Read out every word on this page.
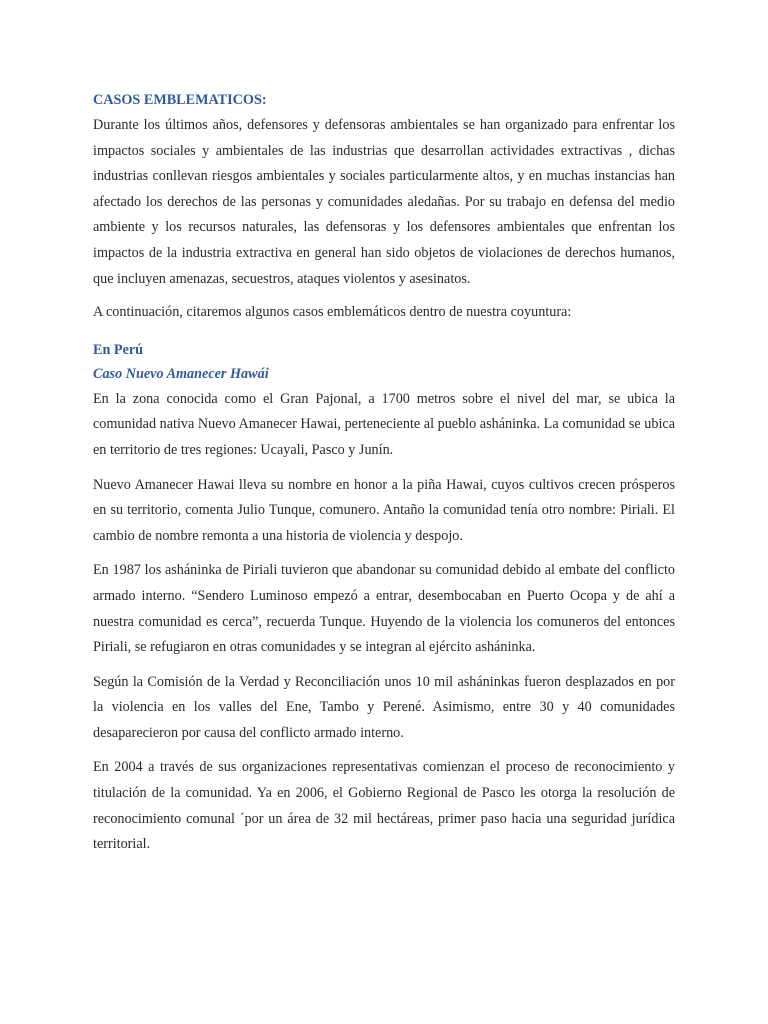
CASOS EMBLEMATICOS:

Durante los últimos años, defensores y defensoras ambientales se han organizado para enfrentar los impactos sociales y ambientales de las industrias que desarrollan actividades extractivas , dichas industrias conllevan riesgos ambientales y sociales particularmente altos, y en muchas instancias han afectado los derechos de las personas y comunidades aledañas. Por su trabajo en defensa del medio ambiente y los recursos naturales, las defensoras y los defensores ambientales que enfrentan los impactos de la industria extractiva en general han sido objetos de violaciones de derechos humanos, que incluyen amenazas, secuestros, ataques violentos y asesinatos.

A continuación, citaremos algunos casos emblemáticos dentro de nuestra coyuntura:

En Perú
Caso Nuevo Amanecer Hawái

En la zona conocida como el Gran Pajonal, a 1700 metros sobre el nivel del mar, se ubica la comunidad nativa Nuevo Amanecer Hawai, perteneciente al pueblo asháninka. La comunidad se ubica en territorio de tres regiones: Ucayali, Pasco y Junín.

Nuevo Amanecer Hawai lleva su nombre en honor a la piña Hawai, cuyos cultivos crecen prósperos en su territorio, comenta Julio Tunque, comunero. Antaño la comunidad tenía otro nombre: Piriali. El cambio de nombre remonta a una historia de violencia y despojo.

En 1987 los asháninka de Piriali tuvieron que abandonar su comunidad debido al embate del conflicto armado interno. “Sendero Luminoso empezó a entrar, desembocaban en Puerto Ocopa y de ahí a nuestra comunidad es cerca”, recuerda Tunque. Huyendo de la violencia los comuneros del entonces Piriali, se refugiaron en otras comunidades y se integran al ejército asháninka.

Según la Comisión de la Verdad y Reconciliación unos 10 mil asháninkas fueron desplazados en por la violencia en los valles del Ene, Tambo y Perené. Asimismo, entre 30 y 40 comunidades desaparecieron por causa del conflicto armado interno.

En 2004 a través de sus organizaciones representativas comienzan el proceso de reconocimiento y titulación de la comunidad. Ya en 2006, el Gobierno Regional de Pasco les otorga la resolución de reconocimiento comunal ´por un área de 32 mil hectáreas, primer paso hacia una seguridad jurídica territorial.
